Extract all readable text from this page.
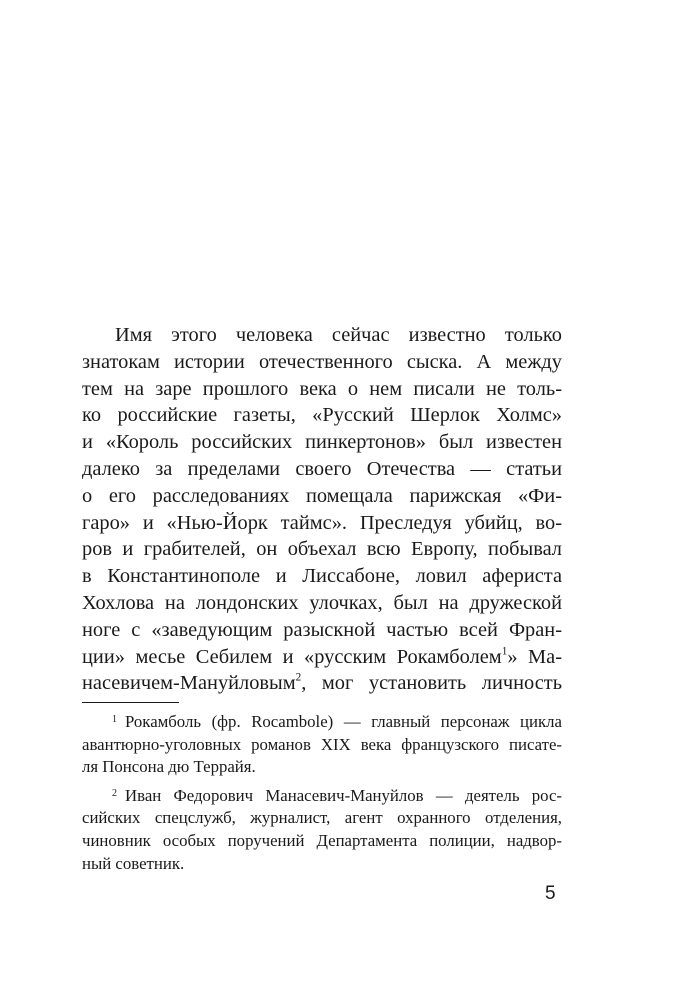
Имя этого человека сейчас известно только
знатокам истории отечественного сыска. А между
тем на заре прошлого века о нем писали не толь-
ко российские газеты, «Русский Шерлок Холмс»
и «Король российских пинкертонов» был известен
далеко за пределами своего Отечества — статьи
о его расследованиях помещала парижская «Фи-
гаро» и «Нью-Йорк таймс». Преследуя убийц, во-
ров и грабителей, он объехал всю Европу, побывал
в Константинополе и Лиссабоне, ловил афериста
Хохлова на лондонских улочках, был на дружеской
ноге с «заведующим разыскной частью всей Фран-
ции» месье Себилем и «русским Рокамболем$^1$» Ма-
насевичем-Мануйловым$^2$, мог установить личность
$^1$ Рокамболь (фр. Rocambole) — главный персонаж цикла
авантюрно-уголовных романов XIX века французского писате-
ля Понсона дю Террайя.
$^2$ Иван Федорович Манасевич-Мануйлов — деятель рос-
сийских спецслужб, журналист, агент охранного отделения,
чиновник особых поручений Департамента полиции, надвор-
ный советник.
5
